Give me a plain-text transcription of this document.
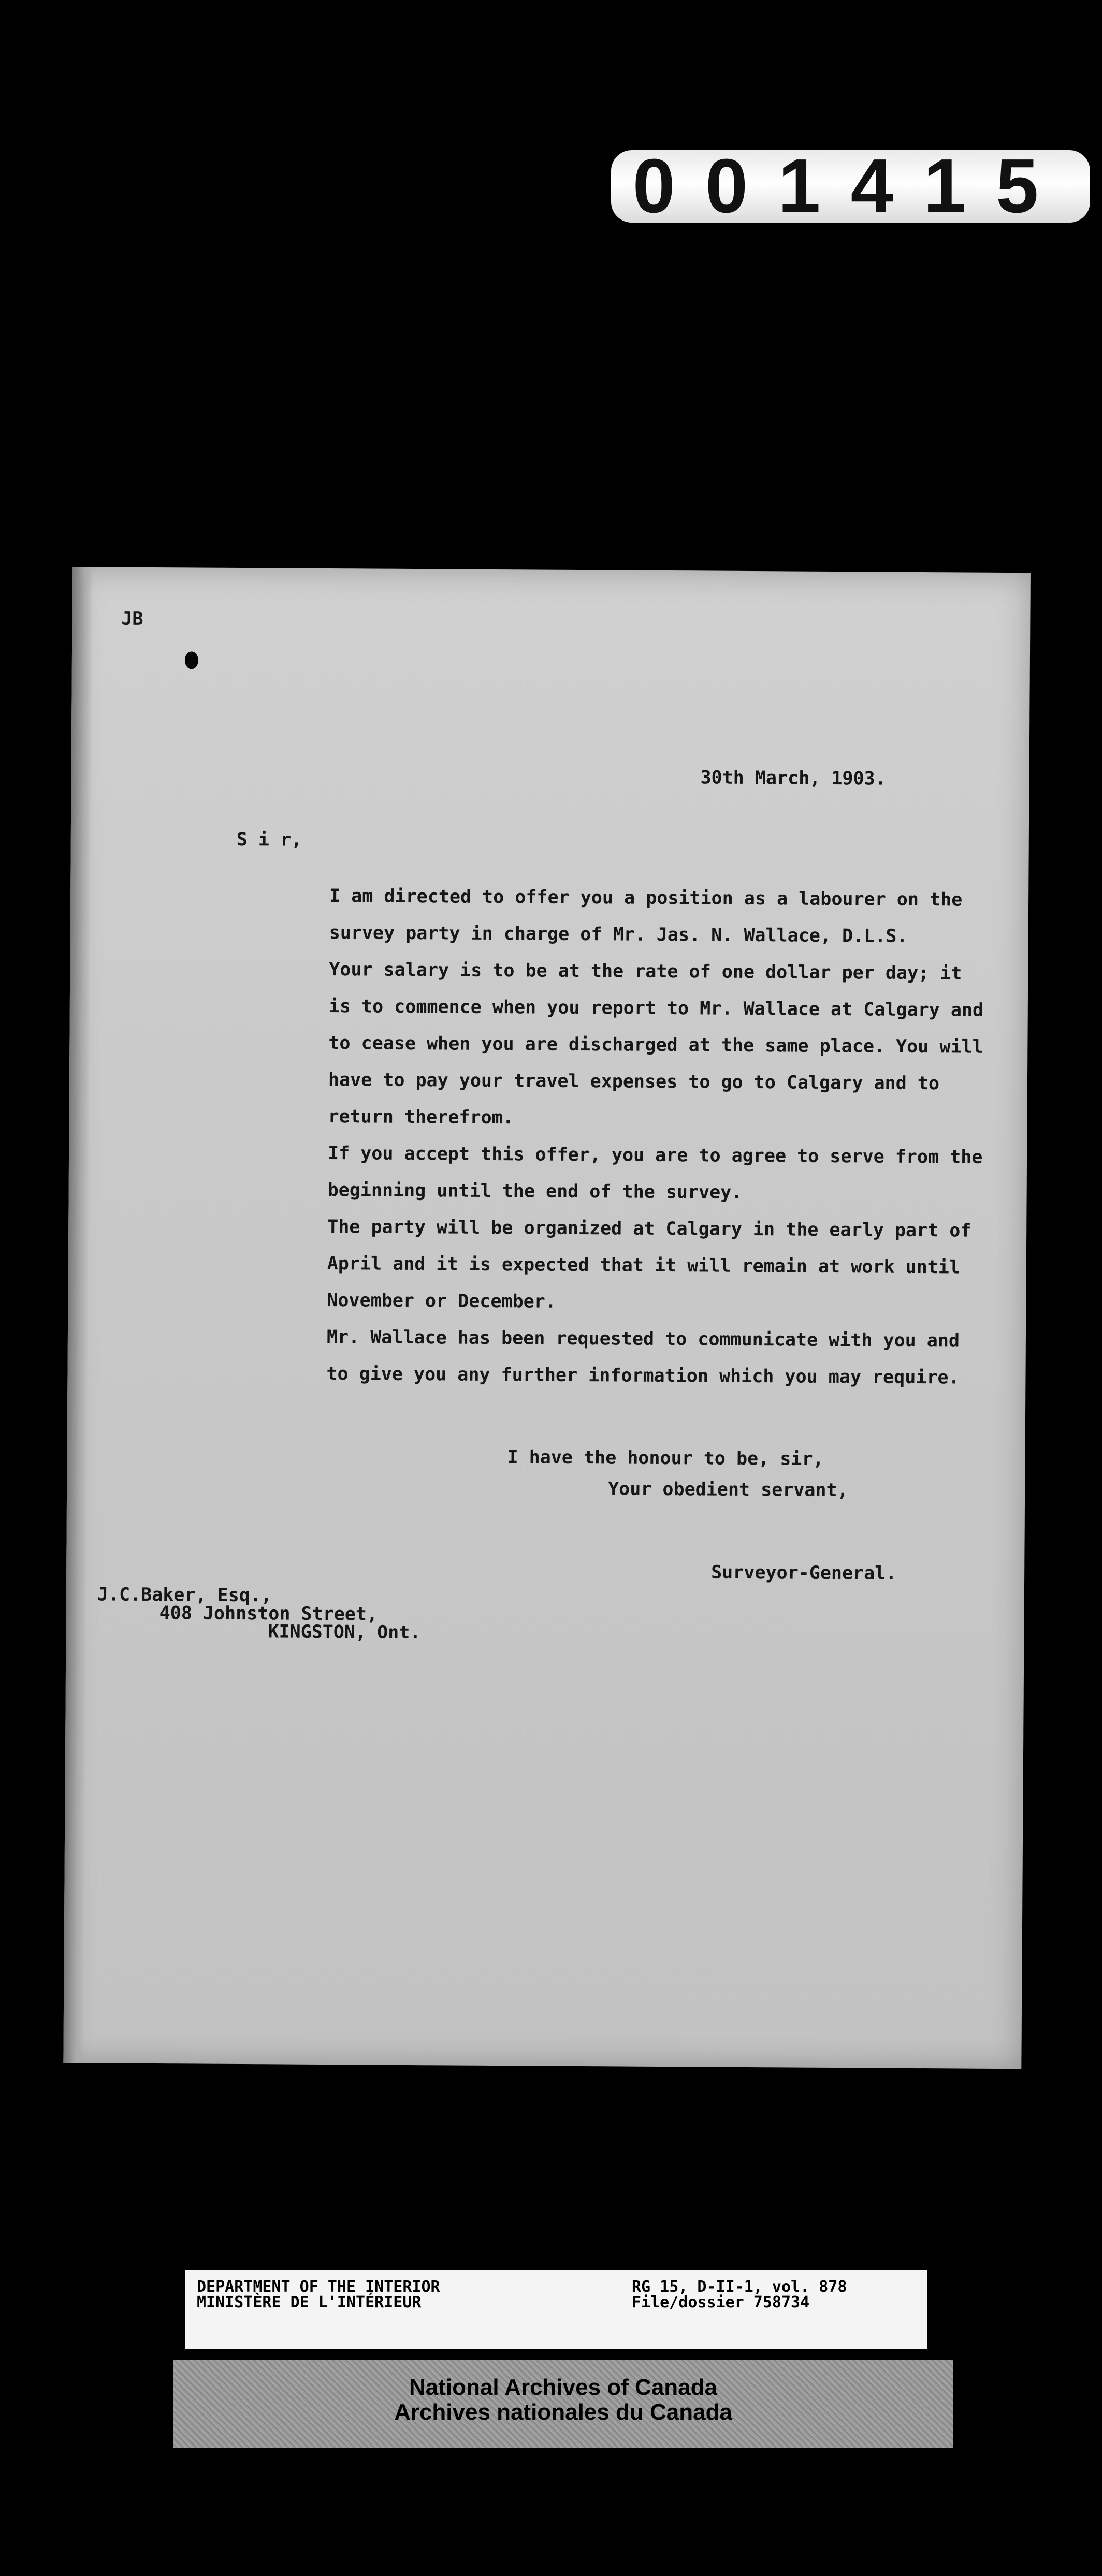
001415
JB
30th March, 1903.
S i r,

I am directed to offer you a position as a labourer on the survey party in charge of Mr. Jas. N. Wallace, D.L.S.

Your salary is to be at the rate of one dollar per day; it is to commence when you report to Mr. Wallace at Calgary and to cease when you are discharged at the same place. You will have to pay your travel expenses to go to Calgary and to return therefrom.

If you accept this offer, you are to agree to serve from the beginning until the end of the survey.

The party will be organized at Calgary in the early part of April and it is expected that it will remain at work until November or December.

Mr. Wallace has been requested to communicate with you and to give you any further information which you may require.

I have the honour to be, sir,
Your obedient servant,
Surveyor-General.
J.C.Baker, Esq.,
408 Johnston Street,
KINGSTON, Ont.
DEPARTMENT OF THE INTERIOR
MINISTÈRE DE L'INTÉRIEUR
RG 15, D-II-1, vol. 878
File/dossier 758734
National Archives of Canada
Archives nationales du Canada
